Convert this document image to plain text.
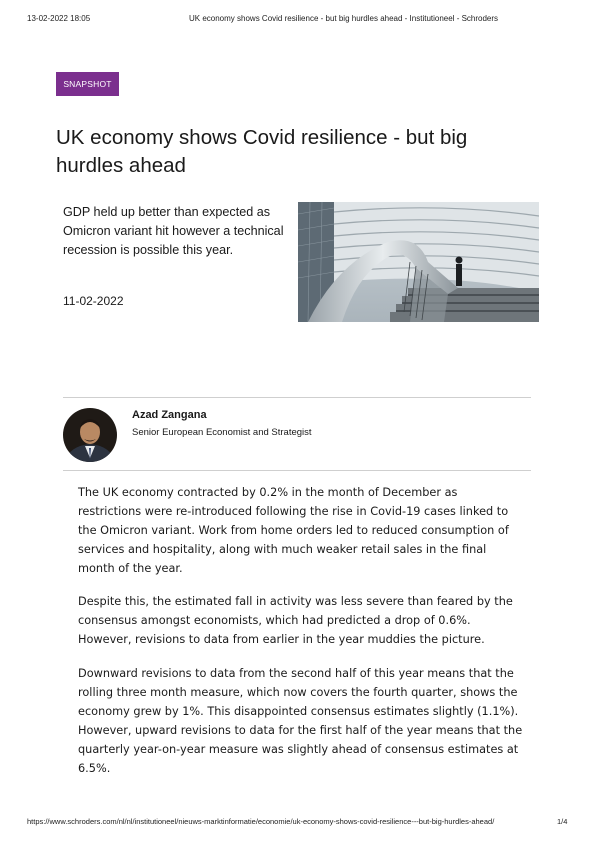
13-02-2022 18:05	UK economy shows Covid resilience - but big hurdles ahead - Institutioneel - Schroders
SNAPSHOT
UK economy shows Covid resilience - but big hurdles ahead

GDP held up better than expected as Omicron variant hit however a technical recession is possible this year.

11-02-2022
Azad Zangana
Senior European Economist and Strategist

The UK economy contracted by 0.2% in the month of December as restrictions were re-introduced following the rise in Covid-19 cases linked to the Omicron variant. Work from home orders led to reduced consumption of services and hospitality, along with much weaker retail sales in the final month of the year.

Despite this, the estimated fall in activity was less severe than feared by the consensus amongst economists, which had predicted a drop of 0.6%. However, revisions to data from earlier in the year muddies the picture.

Downward revisions to data from the second half of this year means that the rolling three month measure, which now covers the fourth quarter, shows the economy grew by 1%. This disappointed consensus estimates slightly (1.1%). However, upward revisions to data for the first half of the year means that the quarterly year-on-year measure was slightly ahead of consensus estimates at 6.5%.

https://www.schroders.com/nl/nl/institutioneel/nieuws-marktinformatie/economie/uk-economy-shows-covid-resilience---but-big-hurdles-ahead/	1/4
